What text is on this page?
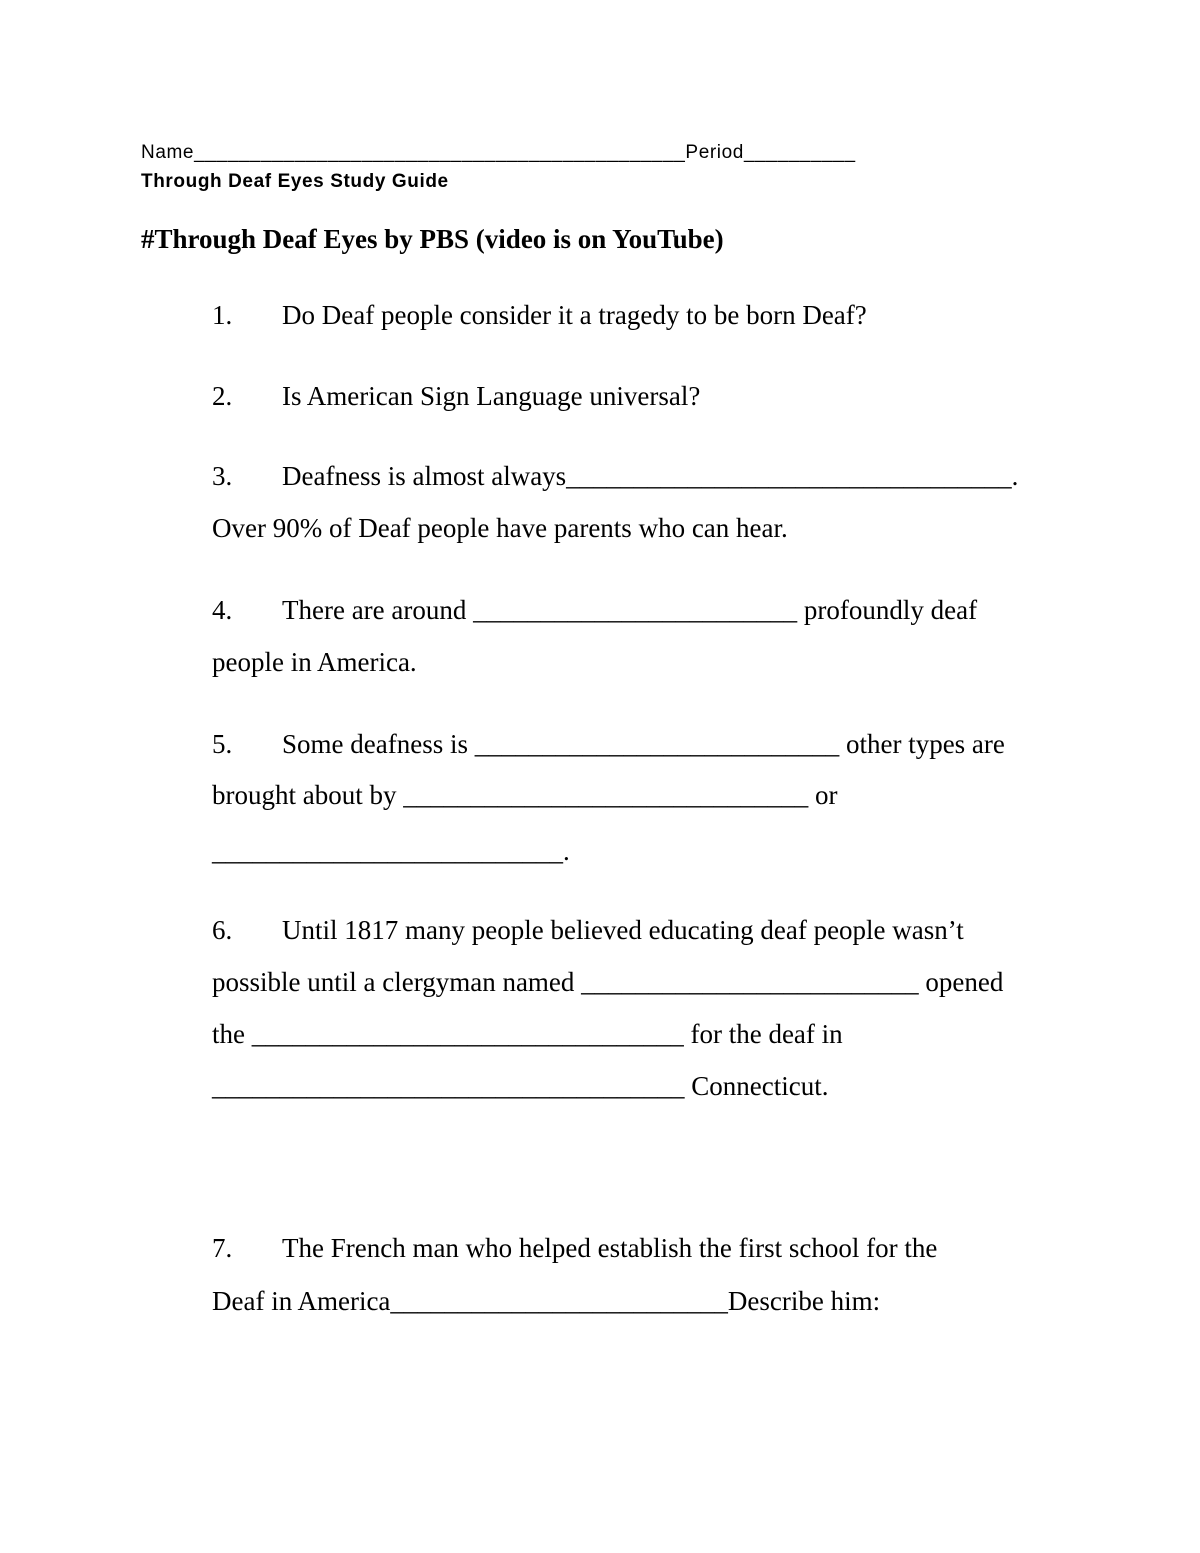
Name____________________________________________Period__________
Through Deaf Eyes Study Guide
#Through Deaf Eyes by PBS (video is on YouTube)
1. Do Deaf people consider it a tragedy to be born Deaf?
2. Is American Sign Language universal?
3. Deafness is almost always_________________________________.
Over 90% of Deaf people have parents who can hear.
4. There are around ________________________ profoundly deaf
people in America.
5. Some deafness is ___________________________ other types are
brought about by ______________________________ or
__________________________.
6. Until 1817 many people believed educating deaf people wasn’t
possible until a clergyman named _________________________ opened
the ________________________________ for the deaf in
___________________________________ Connecticut.
7. The French man who helped establish the first school for the
Deaf in America_________________________Describe him:
